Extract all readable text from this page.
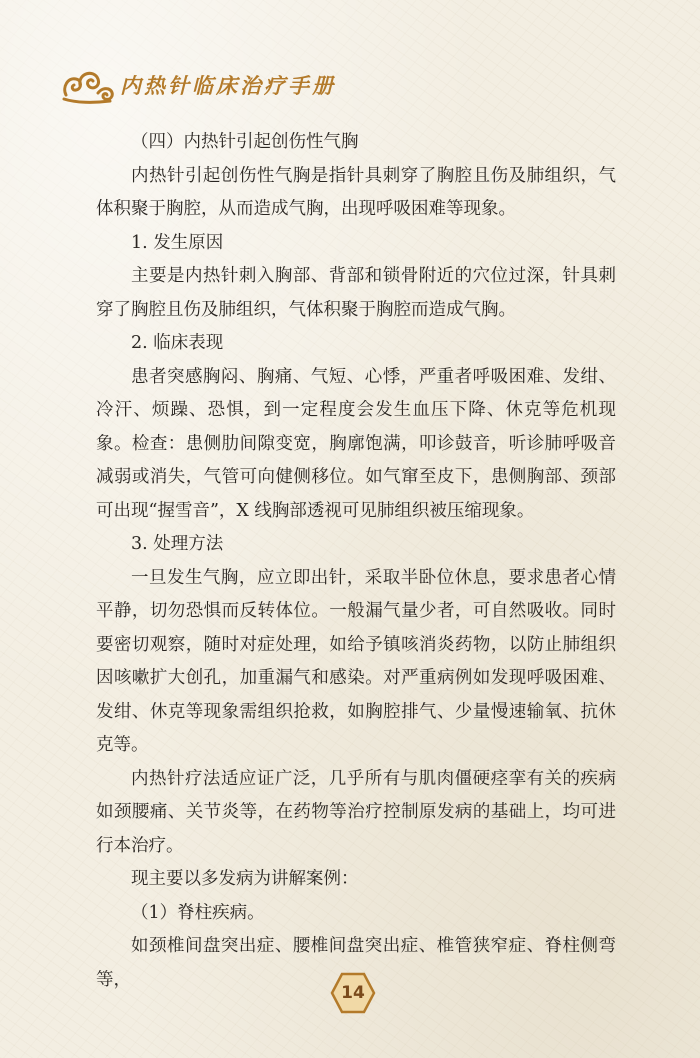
内热针临床治疗手册

（四）内热针引起创伤性气胸

内热针引起创伤性气胸是指针具刺穿了胸腔且伤及肺组织，气体积聚于胸腔，从而造成气胸，出现呼吸困难等现象。

1. 发生原因

主要是内热针刺入胸部、背部和锁骨附近的穴位过深，针具刺穿了胸腔且伤及肺组织，气体积聚于胸腔而造成气胸。

2. 临床表现

患者突感胸闷、胸痛、气短、心悸，严重者呼吸困难、发绀、冷汗、烦躁、恐惧，到一定程度会发生血压下降、休克等危机现象。检查：患侧肋间隙变宽，胸廓饱满，叩诊鼓音，听诊肺呼吸音减弱或消失，气管可向健侧移位。如气窜至皮下，患侧胸部、颈部可出现“握雪音”，X 线胸部透视可见肺组织被压缩现象。

3. 处理方法

一旦发生气胸，应立即出针，采取半卧位休息，要求患者心情平静，切勿恐惧而反转体位。一般漏气量少者，可自然吸收。同时要密切观察，随时对症处理，如给予镇咳消炎药物，以防止肺组织因咳嗽扩大创孔，加重漏气和感染。对严重病例如发现呼吸困难、发绀、休克等现象需组织抢救，如胸腔排气、少量慢速输氧、抗休克等。

内热针疗法适应证广泛，几乎所有与肌肉僵硬痉挛有关的疾病如颈腰痛、关节炎等，在药物等治疗控制原发病的基础上，均可进行本治疗。

现主要以多发病为讲解案例：

（1）脊柱疾病。

如颈椎间盘突出症、腰椎间盘突出症、椎管狭窄症、脊柱侧弯等，

14
